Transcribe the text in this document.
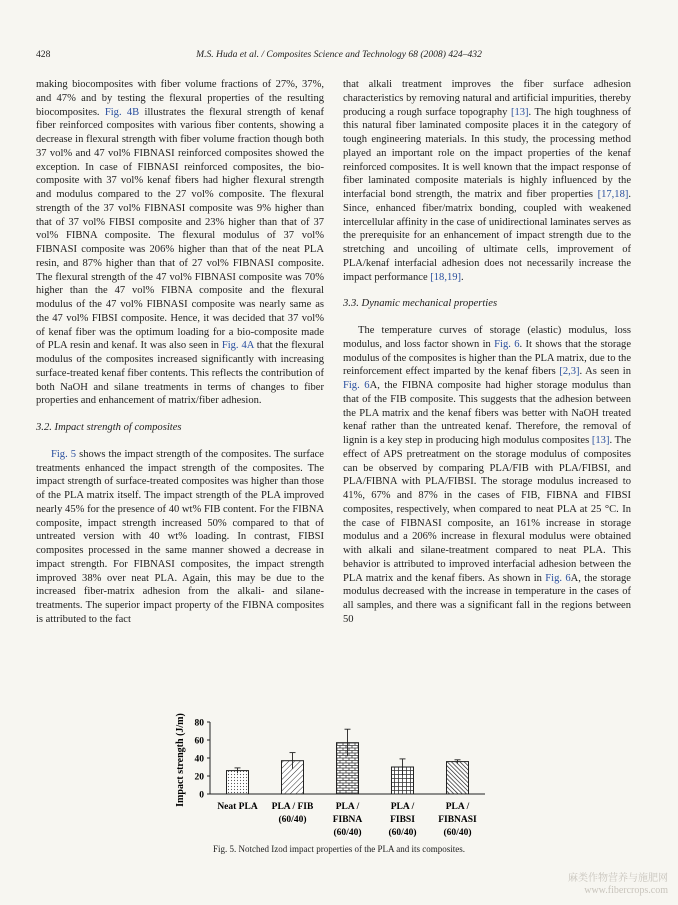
428	M.S. Huda et al. / Composites Science and Technology 68 (2008) 424–432

making biocomposites with fiber volume fractions of 27%, 37%, and 47% and by testing the flexural properties of the resulting biocomposites. Fig. 4B illustrates the flexural strength of kenaf fiber reinforced composites with various fiber contents, showing a decrease in flexural strength with fiber volume fraction though both 37 vol% and 47 vol% FIBNASI reinforced composites showed the exception. In case of FIBNASI reinforced composites, the bio-composite with 37 vol% kenaf fibers had higher flexural strength and modulus compared to the 27 vol% composite. The flexural strength of the 37 vol% FIBNASI composite was 9% higher than that of 37 vol% FIBSI composite and 23% higher than that of 37 vol% FIBNA composite. The flexural modulus of 37 vol% FIBNASI composite was 206% higher than that of the neat PLA resin, and 87% higher than that of 27 vol% FIBNASI composite. The flexural strength of the 47 vol% FIBNASI composite was 70% higher than the 47 vol% FIBNA composite and the flexural modulus of the 47 vol% FIBNASI composite was nearly same as the 47 vol% FIBSI composite. Hence, it was decided that 37 vol% of kenaf fiber was the optimum loading for a bio-composite made of PLA resin and kenaf. It was also seen in Fig. 4A that the flexural modulus of the composites increased significantly with increasing surface-treated kenaf fiber contents. This reflects the contribution of both NaOH and silane treatments in terms of changes to fiber properties and enhancement of matrix/fiber adhesion.

3.2. Impact strength of composites

Fig. 5 shows the impact strength of the composites. The surface treatments enhanced the impact strength of the composites. The impact strength of surface-treated composites was higher than those of the PLA matrix itself. The impact strength of the PLA improved nearly 45% for the presence of 40 wt% FIB content. For the FIBNA composite, impact strength increased 50% compared to that of untreated version with 40 wt% loading. In contrast, FIBSI composites processed in the same manner showed a decrease in impact strength. For FIBNASI composites, the impact strength improved 38% over neat PLA. Again, this may be due to the increased fiber-matrix adhesion from the alkali- and silane-treatments. The superior impact property of the FIBNA composites is attributed to the fact

that alkali treatment improves the fiber surface adhesion characteristics by removing natural and artificial impurities, thereby producing a rough surface topography [13]. The high toughness of this natural fiber laminated composite places it in the category of tough engineering materials. In this study, the processing method played an important role on the impact properties of the kenaf reinforced composites. It is well known that the impact response of fiber laminated composite materials is highly influenced by the interfacial bond strength, the matrix and fiber properties [17,18]. Since, enhanced fiber/matrix bonding, coupled with weakened intercellular affinity in the case of unidirectional laminates serves as the prerequisite for an enhancement of impact strength due to the stretching and uncoiling of ultimate cells, improvement of PLA/kenaf interfacial adhesion does not necessarily increase the impact performance [18,19].

3.3. Dynamic mechanical properties

The temperature curves of storage (elastic) modulus, loss modulus, and loss factor shown in Fig. 6. It shows that the storage modulus of the composites is higher than the PLA matrix, due to the reinforcement effect imparted by the kenaf fibers [2,3]. As seen in Fig. 6A, the FIBNA composite had higher storage modulus than that of the FIB composite. This suggests that the adhesion between the PLA matrix and the kenaf fibers was better with NaOH treated kenaf rather than the untreated kenaf. Therefore, the removal of lignin is a key step in producing high modulus composites [13]. The effect of APS pretreatment on the storage modulus of composites can be observed by comparing PLA/FIB with PLA/FIBSI, and PLA/FIBNA with PLA/FIBSI. The storage modulus increased to 41%, 67% and 87% in the cases of FIB, FIBNA and FIBSI composites, respectively, when compared to neat PLA at 25 °C. In the case of FIBNASI composite, an 161% increase in storage modulus and a 206% increase in flexural modulus were obtained with alkali and silane-treatment compared to neat PLA. This behavior is attributed to improved interfacial adhesion between the PLA matrix and the kenaf fibers. As shown in Fig. 6A, the storage modulus decreased with the increase in temperature in the cases of all samples, and there was a significant fall in the regions between 50

Impact strength (J/m) 0
20
40
60
80
Neat PLA PLA / FIB (60/40)
PLA / FIBNA (60/40)
PLA / FIBSI (60/40)
PLA / FIBNASI (60/40)
Fig. 5. Notched Izod impact properties of the PLA and its composites.
麻类作物营养与施肥网
www.fibercrops.com
